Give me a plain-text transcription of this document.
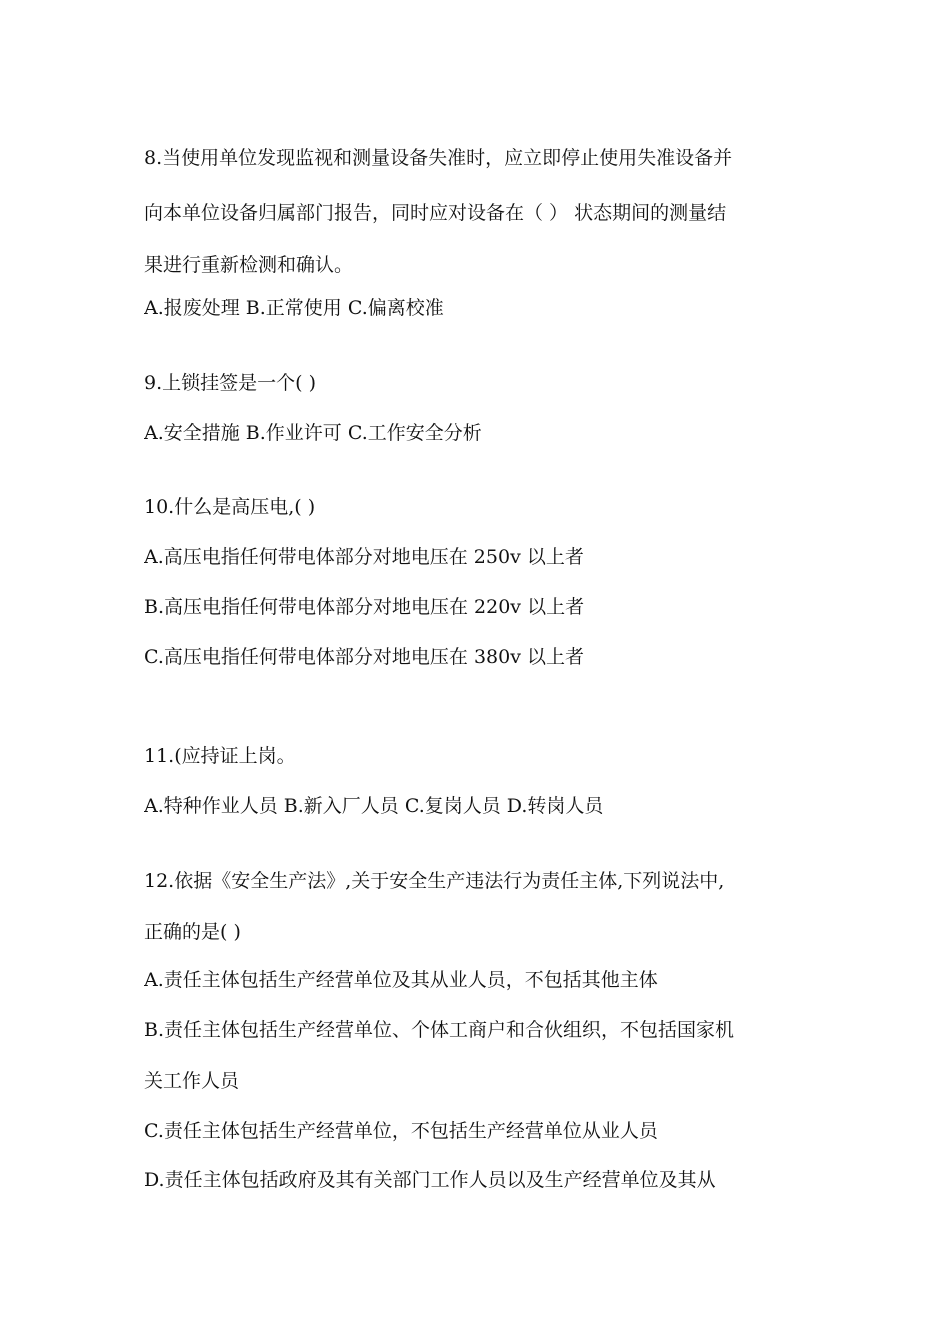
8.当使用单位发现监视和测量设备失准时，应立即停止使用失准设备并
向本单位设备归属部门报告，同时应对设备在（ ） 状态期间的测量结
果进行重新检测和确认。
A.报废处理 B.正常使用 C.偏离校准
9.上锁挂签是一个( )
A.安全措施 B.作业许可 C.工作安全分析
10.什么是高压电,( )
A.高压电指任何带电体部分对地电压在 250v 以上者
B.高压电指任何带电体部分对地电压在 220v 以上者
C.高压电指任何带电体部分对地电压在 380v 以上者
11.(应持证上岗。
A.特种作业人员 B.新入厂人员 C.复岗人员 D.转岗人员
12.依据《安全生产法》,关于安全生产违法行为责任主体,下列说法中,
正确的是( )
A.责任主体包括生产经营单位及其从业人员，不包括其他主体
B.责任主体包括生产经营单位、个体工商户和合伙组织，不包括国家机
关工作人员
C.责任主体包括生产经营单位，不包括生产经营单位从业人员
D.责任主体包括政府及其有关部门工作人员以及生产经营单位及其从
